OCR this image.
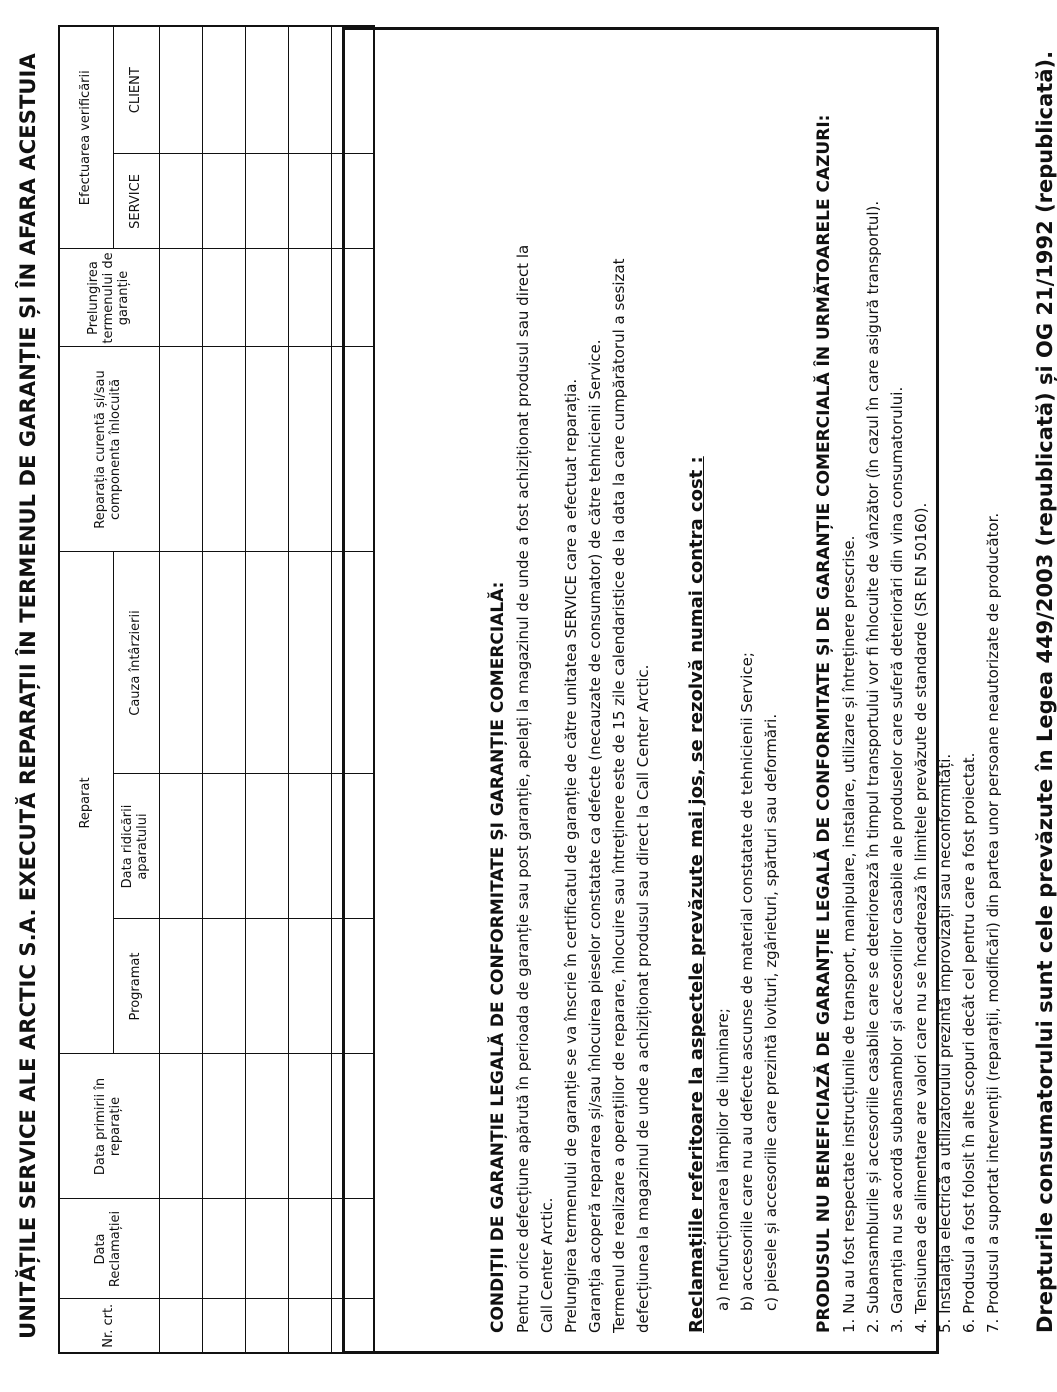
UNITĂȚILE SERVICE ALE ARCTIC S.A. EXECUTĂ REPARAȚII ÎN TERMENUL DE GARANȚIE ȘI ÎN AFARA ACESTUIA	Nr. crt.	Data Reclamației	Data primirii în reparație	Reparat			Reparația curentă și/sau componenta înlocuită	Prelungirea termenului de garanție	Efectuarea verificării	
			Programat	Data ridicării aparatului	Cauza întârzierii			SERVICE	CLIENT

CONDIȚII DE GARANȚIE LEGALĂ DE CONFORMITATE ȘI GARANȚIE COMERCIALĂ: Pentru orice defecțiune apărută în perioada de garanție sau post garanție, apelați la magazinul de unde a fost achiziționat produsul sau direct la Call Center Arctic. Prelungirea termenului de garanție se va înscrie în certificatul de garanție de către unitatea SERVICE care a efectuat reparația. Garanția acoperă repararea și/sau înlocuirea pieselor constatate ca defecte (necauzate de consumator) de către tehnicienii Service. Termenul de realizare a operațiilor de reparare, înlocuire sau întreținere este de 15 zile calendaristice de la data la care cumpărătorul a sesizat defecțiunea la magazinul de unde a achiziționat produsul sau direct la Call Center Arctic. Reclamațiile referitoare la aspectele prevăzute mai jos, se rezolvă numai contra cost : a) nefuncționarea lămpilor de iluminare; b) accesoriile care nu au defecte ascunse de material constatate de tehnicienii Service; c) piesele și accesoriile care prezintă lovituri, zgârieturi, spărturi sau deformări. PRODUSUL NU BENEFICIAZĂ DE GARANȚIE LEGALĂ DE CONFORMITATE ȘI DE GARANȚIE COMERCIALĂ ÎN URMĂTOARELE CAZURI: 1. Nu au fost respectate instrucțiunile de transport, manipulare, instalare, utilizare și întreținere prescrise. 2. Subansamblurile și accesoriile casabile care se deteriorează în timpul transportului vor fi înlocuite de vânzător (în cazul în care asigură transportul). 3. Garanția nu se acordă subansamblor și accesoriilor casabile ale produselor care suferă deteriorări din vina consumatorului. 4. Tensiunea de alimentare are valori care nu se încadrează în limitele prevăzute de standarde (SR EN 50160). 5. Instalația electrică a utilizatorului prezintă improvizații sau neconformități. 6. Produsul a fost folosit în alte scopuri decât cel pentru care a fost proiectat. 7. Produsul a suportat intervenții (reparații, modificări) din partea unor persoane neautorizate de producător. Drepturile consumatorului sunt cele prevăzute în Legea 449/2003 (republicată) și OG 21/1992 (republicată).
